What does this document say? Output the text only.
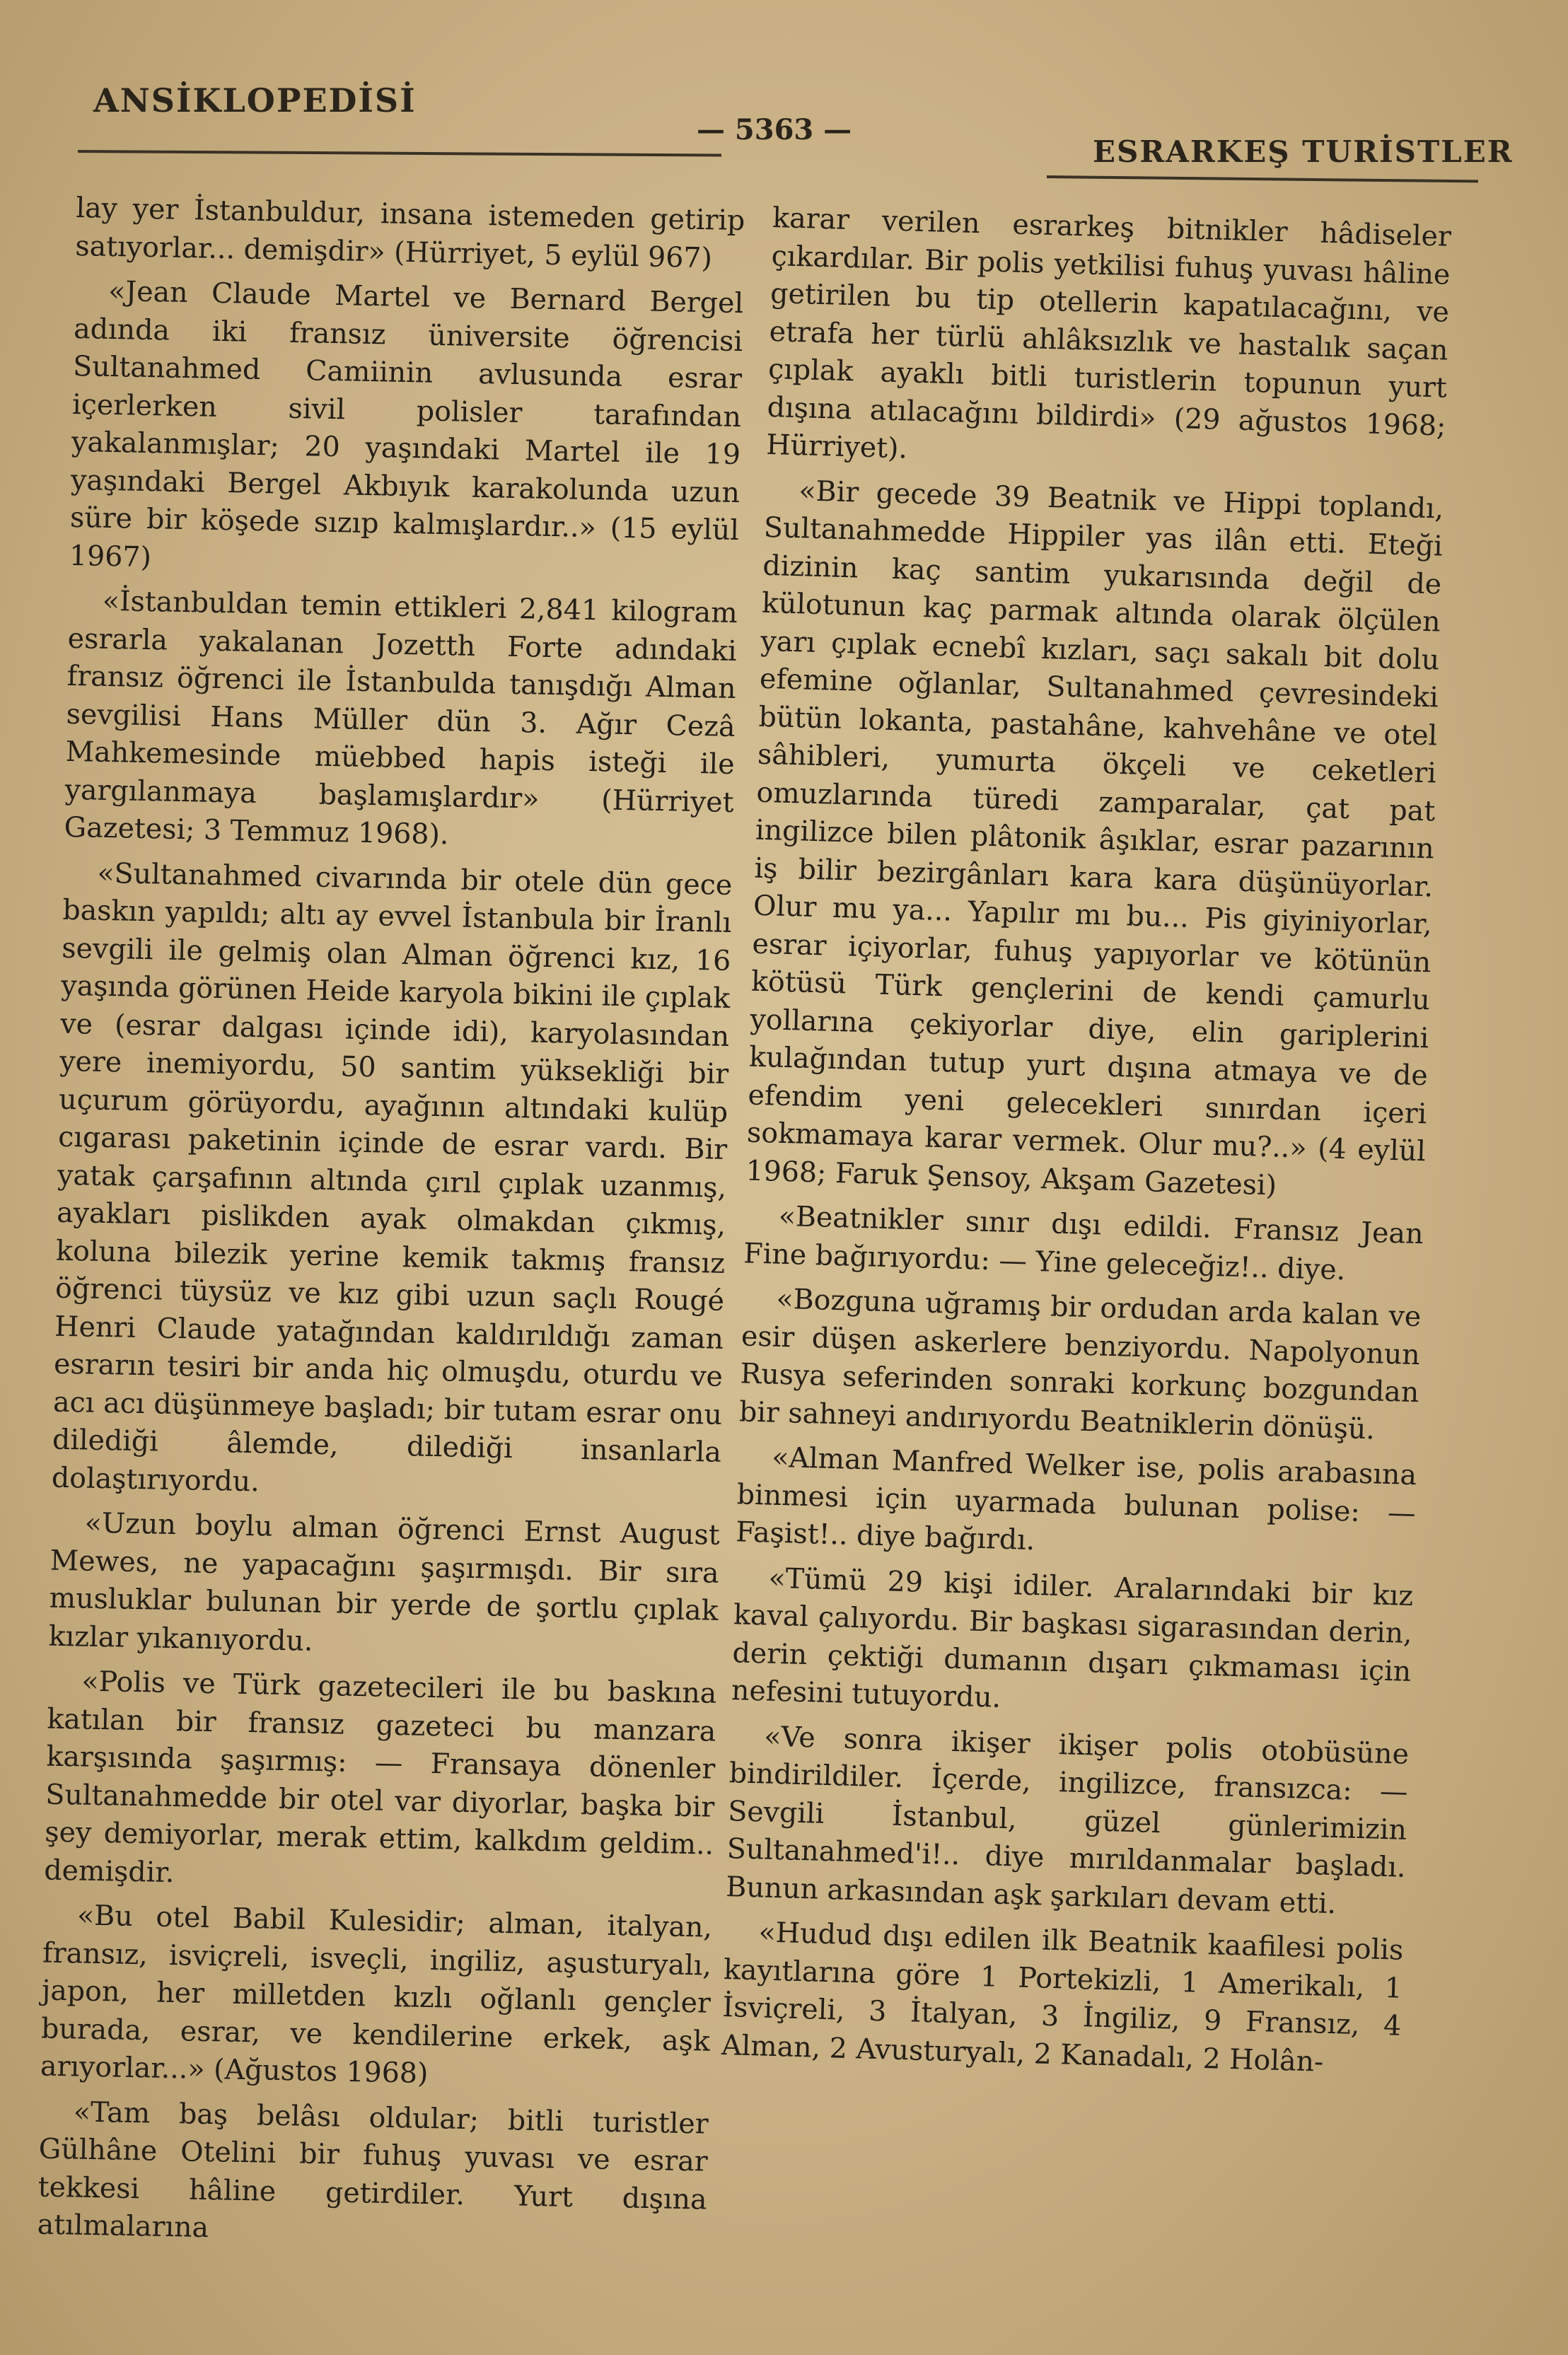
ANSİKLOPEDİSİ
— 5363 —
ESRARKEŞ TURİSTLER

lay yer İstanbuldur, insana istemeden getirip satıyorlar... demişdir» (Hürriyet, 5 eylül 967)

«Jean Claude Martel ve Bernard Bergel adında iki fransız üniversite öğrencisi Sultanahmed Camiinin avlusunda esrar içerlerken sivil polisler tarafından yakalanmışlar; 20 yaşındaki Martel ile 19 yaşındaki Bergel Akbıyık karakolunda uzun süre bir köşede sızıp kalmışlardır..» (15 eylül 1967)

«İstanbuldan temin ettikleri 2,841 kilogram esrarla yakalanan Jozetth Forte adındaki fransız öğrenci ile İstanbulda tanışdığı Alman sevgilisi Hans Müller dün 3. Ağır Cezâ Mahkemesinde müebbed hapis isteği ile yargılanmaya başlamışlardır» (Hürriyet Gazetesi; 3 Temmuz 1968).

«Sultanahmed civarında bir otele dün gece baskın yapıldı; altı ay evvel İstanbula bir İranlı sevgili ile gelmiş olan Alman öğrenci kız, 16 yaşında görünen Heide karyola bikini ile çıplak ve (esrar dalgası içinde idi), karyolasından yere inemiyordu, 50 santim yüksekliği bir uçurum görüyordu, ayağının altındaki kulüp cıgarası paketinin içinde de esrar vardı. Bir yatak çarşafının altında çırıl çıplak uzanmış, ayakları pislikden ayak olmakdan çıkmış, koluna bilezik yerine kemik takmış fransız öğrenci tüysüz ve kız gibi uzun saçlı Rougé Henri Claude yatağından kaldırıldığı zaman esrarın tesiri bir anda hiç olmuşdu, oturdu ve acı acı düşünmeye başladı; bir tutam esrar onu dilediği âlemde, dilediği insanlarla dolaştırıyordu.

«Uzun boylu alman öğrenci Ernst August Mewes, ne yapacağını şaşırmışdı. Bir sıra musluklar bulunan bir yerde de şortlu çıplak kızlar yıkanıyordu.

«Polis ve Türk gazetecileri ile bu baskına katılan bir fransız gazeteci bu manzara karşısında şaşırmış: — Fransaya dönenler Sultanahmedde bir otel var diyorlar, başka bir şey demiyorlar, merak ettim, kalkdım geldim.. demişdir.

«Bu otel Babil Kulesidir; alman, italyan, fransız, isviçreli, isveçli, ingiliz, aşusturyalı, japon, her milletden kızlı oğlanlı gençler burada, esrar, ve kendilerine erkek, aşk arıyorlar...» (Ağustos 1968)

«Tam baş belâsı oldular; bitli turistler Gülhâne Otelini bir fuhuş yuvası ve esrar tekkesi hâline getirdiler. Yurt dışına atılmalarına

karar verilen esrarkeş bitnikler hâdiseler çıkardılar. Bir polis yetkilisi fuhuş yuvası hâline getirilen bu tip otellerin kapatılacağını, ve etrafa her türlü ahlâksızlık ve hastalık saçan çıplak ayaklı bitli turistlerin topunun yurt dışına atılacağını bildirdi» (29 ağustos 1968; Hürriyet).

«Bir gecede 39 Beatnik ve Hippi toplandı, Sultanahmedde Hippiler yas ilân etti. Eteği dizinin kaç santim yukarısında değil de külotunun kaç parmak altında olarak ölçülen yarı çıplak ecnebî kızları, saçı sakalı bit dolu efemine oğlanlar, Sultanahmed çevresindeki bütün lokanta, pastahâne, kahvehâne ve otel sâhibleri, yumurta ökçeli ve ceketleri omuzlarında türedi zamparalar, çat pat ingilizce bilen plâtonik âşıklar, esrar pazarının iş bilir bezirgânları kara kara düşünüyorlar. Olur mu ya... Yapılır mı bu... Pis giyiniyorlar, esrar içiyorlar, fuhuş yapıyorlar ve kötünün kötüsü Türk gençlerini de kendi çamurlu yollarına çekiyorlar diye, elin gariplerini kulağından tutup yurt dışına atmaya ve de efendim yeni gelecekleri sınırdan içeri sokmamaya karar vermek. Olur mu?..» (4 eylül 1968; Faruk Şensoy, Akşam Gazetesi)

«Beatnikler sınır dışı edildi. Fransız Jean Fine bağırıyordu: — Yine geleceğiz!.. diye.

«Bozguna uğramış bir ordudan arda kalan ve esir düşen askerlere benziyordu. Napolyonun Rusya seferinden sonraki korkunç bozgundan bir sahneyi andırıyordu Beatniklerin dönüşü.

«Alman Manfred Welker ise, polis arabasına binmesi için uyarmada bulunan polise: — Faşist!.. diye bağırdı.

«Tümü 29 kişi idiler. Aralarındaki bir kız kaval çalıyordu. Bir başkası sigarasından derin, derin çektiği dumanın dışarı çıkmaması için nefesini tutuyordu.

«Ve sonra ikişer ikişer polis otobüsüne bindirildiler. İçerde, ingilizce, fransızca: — Sevgili İstanbul, güzel günlerimizin Sultanahmed'i!.. diye mırıldanmalar başladı. Bunun arkasından aşk şarkıları devam etti.

«Hudud dışı edilen ilk Beatnik kaafilesi polis kayıtlarına göre 1 Portekizli, 1 Amerikalı, 1 İsviçreli, 3 İtalyan, 3 İngiliz, 9 Fransız, 4 Alman, 2 Avusturyalı, 2 Kanadalı, 2 Holân-
